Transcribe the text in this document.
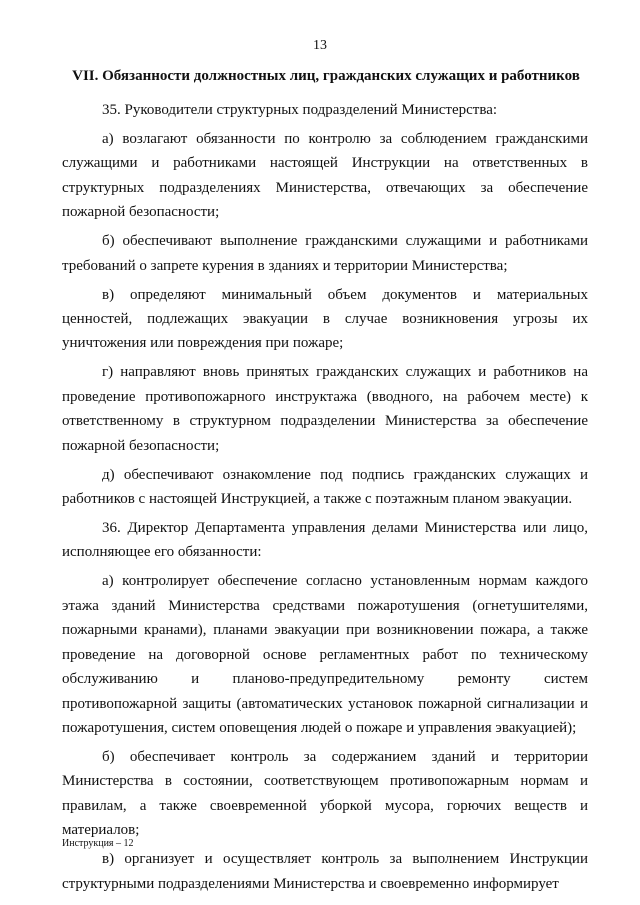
13
VII. Обязанности должностных лиц, гражданских служащих и работников

35. Руководители структурных подразделений Министерства:

а) возлагают обязанности по контролю за соблюдением гражданскими служащими и работниками настоящей Инструкции на ответственных в структурных подразделениях Министерства, отвечающих за обеспечение пожарной безопасности;

б) обеспечивают выполнение гражданскими служащими и работниками требований о запрете курения в зданиях и территории Министерства;

в) определяют минимальный объем документов и материальных ценностей, подлежащих эвакуации в случае возникновения угрозы их уничтожения или повреждения при пожаре;

г) направляют вновь принятых гражданских служащих и работников на проведение противопожарного инструктажа (вводного, на рабочем месте) к ответственному в структурном подразделении Министерства за обеспечение пожарной безопасности;

д) обеспечивают ознакомление под подпись гражданских служащих и работников с настоящей Инструкцией, а также с поэтажным планом эвакуации.

36. Директор Департамента управления делами Министерства или лицо, исполняющее его обязанности:

а) контролирует обеспечение согласно установленным нормам каждого этажа зданий Министерства средствами пожаротушения (огнетушителями, пожарными кранами), планами эвакуации при возникновении пожара, а также проведение на договорной основе регламентных работ по техническому обслуживанию и планово-предупредительному ремонту систем противопожарной защиты (автоматических установок пожарной сигнализации и пожаротушения, систем оповещения людей о пожаре и управления эвакуацией);

б) обеспечивает контроль за содержанием зданий и территории Министерства в состоянии, соответствующем противопожарным нормам и правилам, а также своевременной уборкой мусора, горючих веществ и материалов;

в) организует и осуществляет контроль за выполнением Инструкции структурными подразделениями Министерства и своевременно информирует

Инструкция – 12
